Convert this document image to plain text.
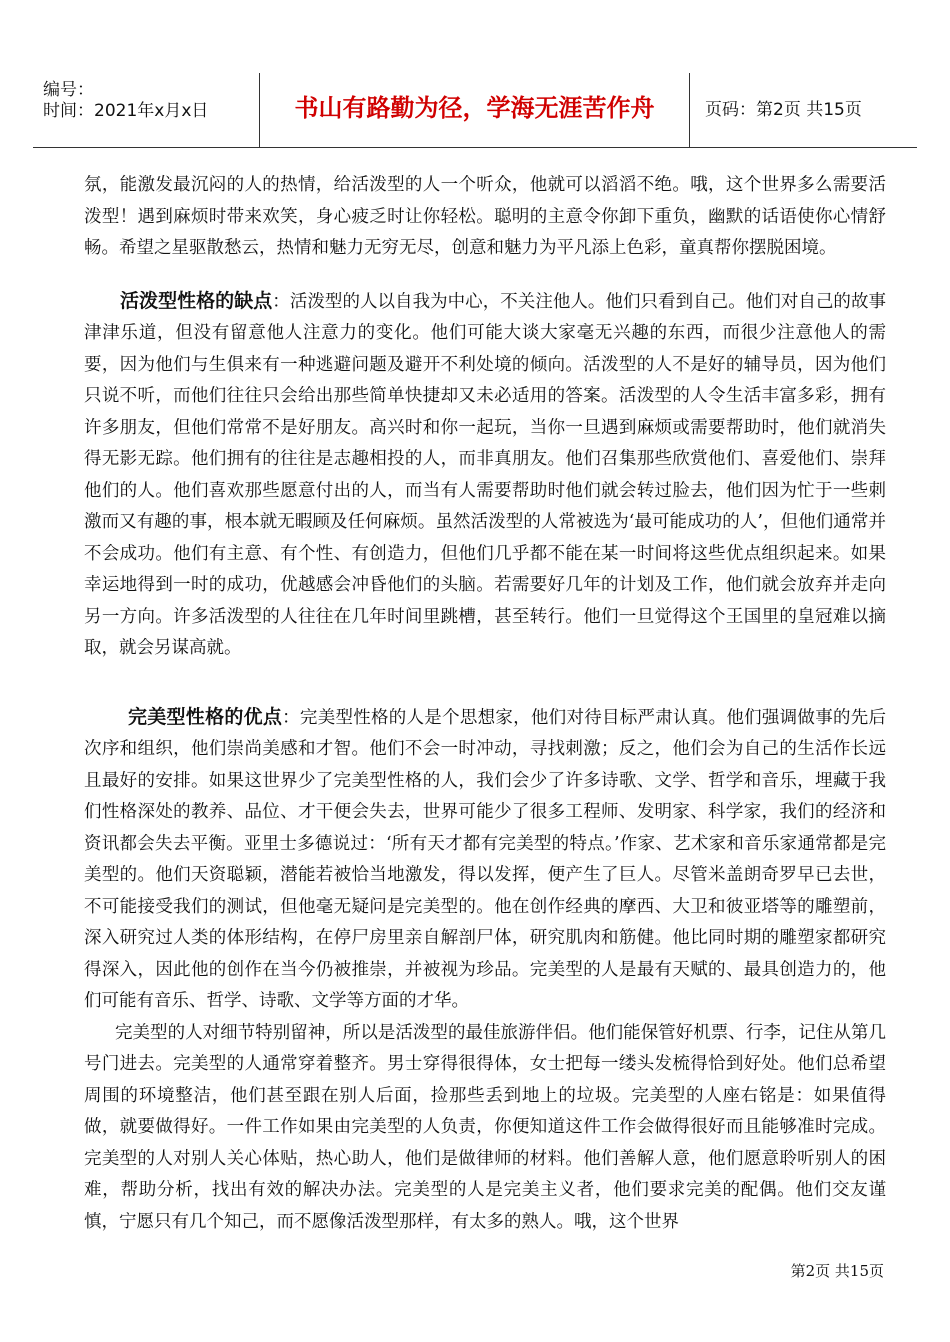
编号：
时间：2021年x月x日	书山有路勤为径，学海无涯苦作舟	页码：第2页 共15页

氛，能激发最沉闷的人的热情，给活泼型的人一个听众，他就可以滔滔不绝。哦，这个世界多么需要活泼型！遇到麻烦时带来欢笑，身心疲乏时让你轻松。聪明的主意令你卸下重负，幽默的话语使你心情舒畅。希望之星驱散愁云，热情和魅力无穷无尽，创意和魅力为平凡添上色彩，童真帮你摆脱困境。

活泼型性格的缺点：活泼型的人以自我为中心，不关注他人。他们只看到自己。他们对自己的故事津津乐道，但没有留意他人注意力的变化。他们可能大谈大家毫无兴趣的东西，而很少注意他人的需要，因为他们与生俱来有一种逃避问题及避开不利处境的倾向。活泼型的人不是好的辅导员，因为他们只说不听，而他们往往只会给出那些简单快捷却又未必适用的答案。活泼型的人令生活丰富多彩，拥有许多朋友，但他们常常不是好朋友。高兴时和你一起玩，当你一旦遇到麻烦或需要帮助时，他们就消失得无影无踪。他们拥有的往往是志趣相投的人，而非真朋友。他们召集那些欣赏他们、喜爱他们、崇拜他们的人。他们喜欢那些愿意付出的人，而当有人需要帮助时他们就会转过脸去，他们因为忙于一些刺激而又有趣的事，根本就无暇顾及任何麻烦。虽然活泼型的人常被选为‘最可能成功的人’，但他们通常并不会成功。他们有主意、有个性、有创造力，但他们几乎都不能在某一时间将这些优点组织起来。如果幸运地得到一时的成功，优越感会冲昏他们的头脑。若需要好几年的计划及工作，他们就会放弃并走向另一方向。许多活泼型的人往往在几年时间里跳槽，甚至转行。他们一旦觉得这个王国里的皇冠难以摘取，就会另谋高就。

完美型性格的优点：完美型性格的人是个思想家，他们对待目标严肃认真。他们强调做事的先后次序和组织，他们崇尚美感和才智。他们不会一时冲动，寻找刺激；反之，他们会为自己的生活作长远且最好的安排。如果这世界少了完美型性格的人，我们会少了许多诗歌、文学、哲学和音乐，埋藏于我们性格深处的教养、品位、才干便会失去，世界可能少了很多工程师、发明家、科学家，我们的经济和资讯都会失去平衡。亚里士多德说过：‘所有天才都有完美型的特点。’作家、艺术家和音乐家通常都是完美型的。他们天资聪颖，潜能若被恰当地激发，得以发挥，便产生了巨人。尽管米盖朗奇罗早已去世，不可能接受我们的测试，但他毫无疑问是完美型的。他在创作经典的摩西、大卫和彼亚塔等的雕塑前，深入研究过人类的体形结构，在停尸房里亲自解剖尸体，研究肌肉和筋健。他比同时期的雕塑家都研究得深入，因此他的创作在当今仍被推崇，并被视为珍品。完美型的人是最有天赋的、最具创造力的，他们可能有音乐、哲学、诗歌、文学等方面的才华。

完美型的人对细节特别留神，所以是活泼型的最佳旅游伴侣。他们能保管好机票、行李，记住从第几号门进去。完美型的人通常穿着整齐。男士穿得很得体，女士把每一缕头发梳得恰到好处。他们总希望周围的环境整洁，他们甚至跟在别人后面，捡那些丢到地上的垃圾。完美型的人座右铭是：如果值得做，就要做得好。一件工作如果由完美型的人负责，你便知道这件工作会做得很好而且能够准时完成。完美型的人对别人关心体贴，热心助人，他们是做律师的材料。他们善解人意，他们愿意聆听别人的困难，帮助分析，找出有效的解决办法。完美型的人是完美主义者，他们要求完美的配偶。他们交友谨慎，宁愿只有几个知己，而不愿像活泼型那样，有太多的熟人。哦，这个世界

第2页 共15页
